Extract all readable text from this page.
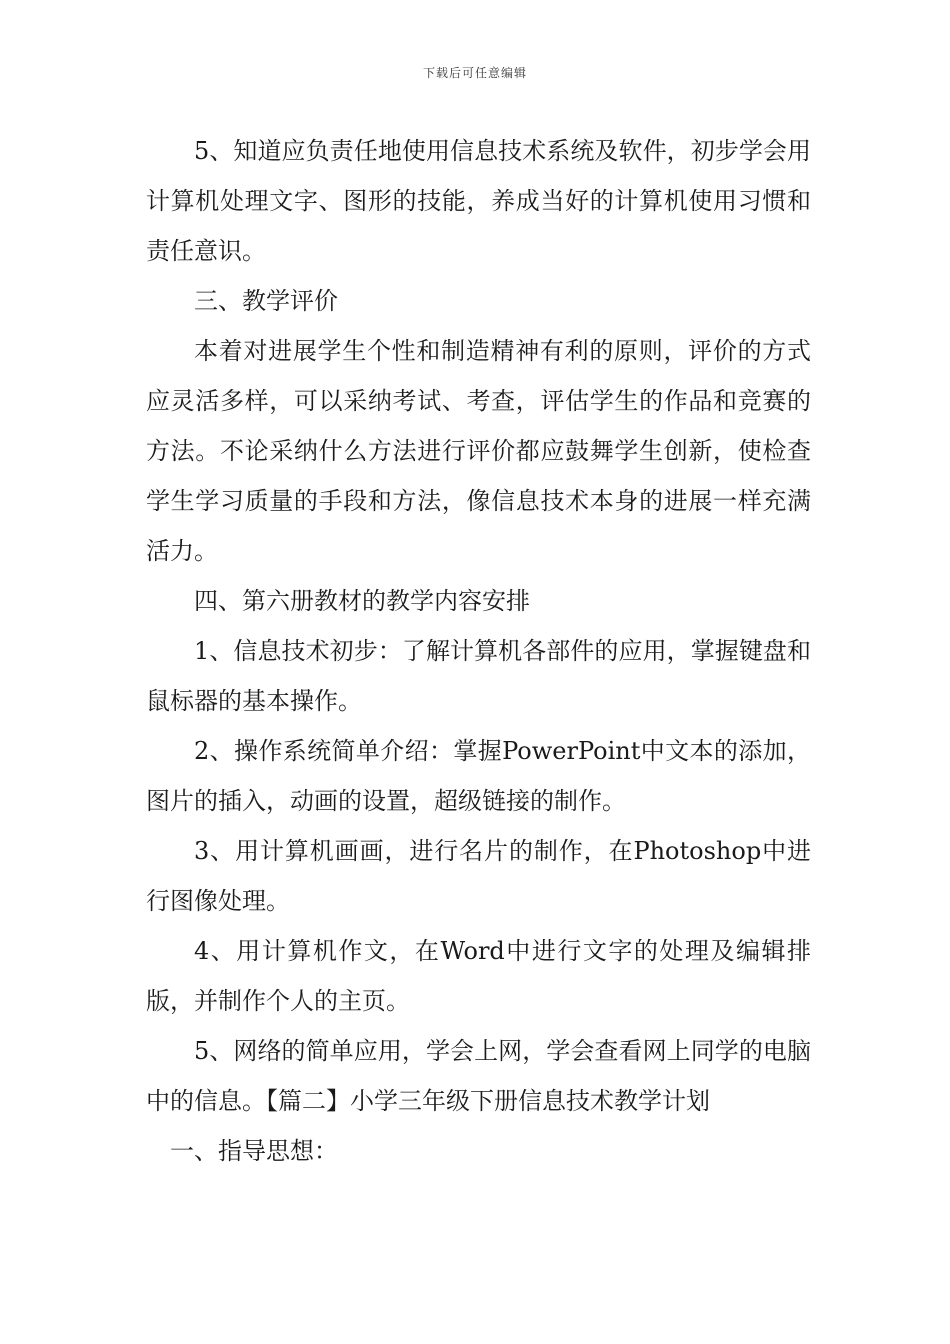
下载后可任意编辑

5、知道应负责任地使用信息技术系统及软件，初步学会用计算机处理文字、图形的技能，养成当好的计算机使用习惯和责任意识。

三、教学评价

本着对进展学生个性和制造精神有利的原则，评价的方式应灵活多样，可以采纳考试、考查，评估学生的作品和竞赛的方法。不论采纳什么方法进行评价都应鼓舞学生创新，使检查学生学习质量的手段和方法，像信息技术本身的进展一样充满活力。

四、第六册教材的教学内容安排

1、信息技术初步：了解计算机各部件的应用，掌握键盘和鼠标器的基本操作。

2、操作系统简单介绍：掌握PowerPoint中文本的添加，图片的插入，动画的设置，超级链接的制作。

3、用计算机画画，进行名片的制作，在Photoshop中进行图像处理。

4、用计算机作文，在Word中进行文字的处理及编辑排版，并制作个人的主页。

5、网络的简单应用，学会上网，学会查看网上同学的电脑中的信息。【篇二】小学三年级下册信息技术教学计划

一、指导思想：
